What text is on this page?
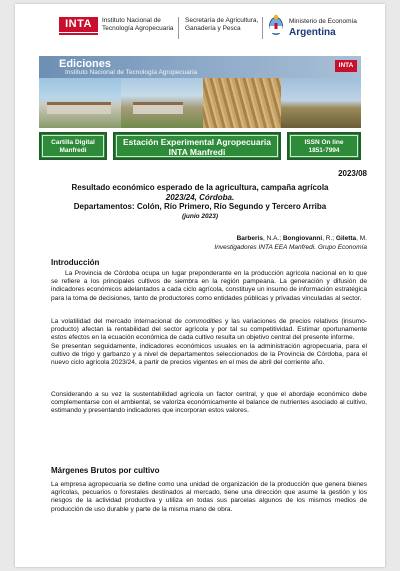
INTA	Instituto Nacional de
Tecnología Agropecuaria
Secretaría de Agricultura,
Ganadería y Pesca
Ministerio de Economía
Argentina
Ediciones
Instituto Nacional de Tecnología Agropecuaria
INTA
Cartilla Digital
Manfredi
Estación Experimental Agropecuaria
INTA Manfredi
ISSN On line
1851-7994
2023/08
Resultado económico esperado de la agricultura, campaña agrícola
2023/24, Córdoba.
Departamentos: Colón, Río Primero, Río Segundo y Tercero Arriba
(junio 2023)
Barberis, N.A.; Bongiovanni, R.; Giletta, M.
Investigadores INTA EEA Manfredi. Grupo Economía
Introducción

La Provincia de Córdoba ocupa un lugar preponderante en la producción agrícola nacional en lo que se refiere a los principales cultivos de siembra en la región pampeana. La generación y difusión de indicadores económicos adelantados a cada ciclo agrícola, constituye un insumo de información estratégica para la toma de decisiones, tanto de productores como entidades públicas y privadas vinculadas al sector.

La volatilidad del mercado internacional de commodities y las variaciones de precios relativos (insumo-producto) afectan la rentabilidad del sector agrícola y por tal su competitividad. Estimar oportunamente estos efectos en la ecuación económica de cada cultivo resulta un objetivo central del presente informe.

Se presentan seguidamente, indicadores económicos usuales en la administración agropecuaria, para el cultivo de trigo y garbanzo y a nivel de departamentos seleccionados de la Provincia de Córdoba, para el nuevo ciclo agrícola 2023/24, a partir de precios vigentes en el mes de abril del corriente año.

Considerando a su vez la sustentabilidad agrícola un factor central, y que el abordaje económico debe complementarse con el ambiental, se valoriza económicamente el balance de nutrientes asociado al cultivo, estimando y presentando indicadores que incorporan estos valores.

Márgenes Brutos por cultivo

La empresa agropecuaria se define como una unidad de organización de la producción que genera bienes agrícolas, pecuarios o forestales destinados al mercado, tiene una dirección que asume la gestión y los riesgos de la actividad productiva y utiliza en todas sus parcelas algunos de los mismos medios de producción de uso durable y parte de la misma mano de obra.
